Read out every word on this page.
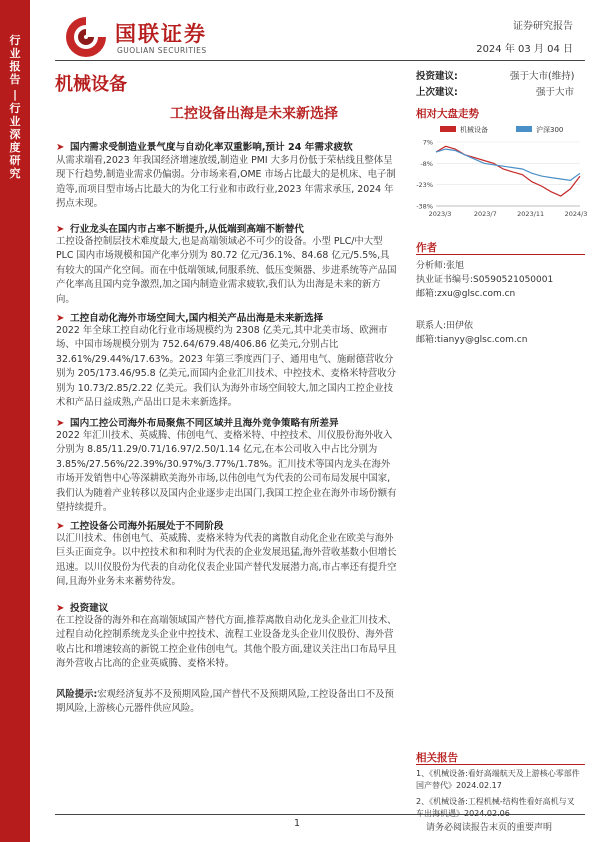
行
业
报
告
|
行
业
深
度
研
究
国联证券
GUOLIAN SECURITIES
证券研究报告
2024 年 03 月 04 日
机械设备
工控设备出海是未来新选择
投资建议:	强于大市(维持)
上次建议:	强于大市
相对大盘走势
机械设备	沪深300
7%
-8%
-23%
-38%
2023/3	2023/7	2023/11	2024/3
作者
分析师:张旭
执业证书编号:S0590521050001
邮箱:zxu@glsc.com.cn
联系人:田伊依
邮箱:tianyy@glsc.com.cn
➤ 国内需求受制造业景气度与自动化率双重影响,预计 24 年需求疲软

从需求端看,2023 年我国经济增速放缓,制造业 PMI 大多月份低于荣枯线且整体呈现下行趋势,制造业需求仍偏弱。分市场来看,OME 市场占比最大的是机床、电子制造等,而项目型市场占比最大的为化工行业和市政行业,2023 年需求承压, 2024 年拐点未现。

➤ 行业龙头在国内市占率不断提升,从低端到高端不断替代

工控设备控制层技术难度最大,也是高端领域必不可少的设备。小型 PLC/中大型 PLC 国内市场规模和国产化率分别为 80.72 亿元/36.1%、84.68 亿元/5.5%,具有较大的国产化空间。而在中低端领域,伺服系统、低压变频器、步进系统等产品国产化率高且国内竞争激烈,加之国内制造业需求疲软,我们认为出海是未来的新方向。

➤ 工控自动化海外市场空间大,国内相关产品出海是未来新选择

2022 年全球工控自动化行业市场规模约为 2308 亿美元,其中北美市场、欧洲市场、中国市场规模分别为 752.64/679.48/406.86 亿美元,分别占比 32.61%/29.44%/17.63%。2023 年第三季度西门子、通用电气、施耐德营收分别为 205/173.46/95.8 亿美元,而国内企业汇川技术、中控技术、麦格米特营收分别为 10.73/2.85/2.22 亿美元。我们认为海外市场空间较大,加之国内工控企业技术和产品日益成熟,产品出口是未来新选择。

➤ 国内工控公司海外布局聚焦不同区域并且海外竞争策略有所差异

2022 年汇川技术、英威腾、伟创电气、麦格米特、中控技术、川仪股份海外收入分别为 8.85/11.29/0.71/16.97/2.50/1.14 亿元,在本公司收入中占比分别为 3.85%/27.56%/22.39%/30.97%/3.77%/1.78%。汇川技术等国内龙头在海外市场开发销售中心等深耕欧美海外市场,以伟创电气为代表的公司布局发展中国家,我们认为随着产业转移以及国内企业逐步走出国门,我国工控企业在海外市场份额有望持续提升。

➤ 工控设备公司海外拓展处于不同阶段

以汇川技术、伟创电气、英威腾、麦格米特为代表的离散自动化企业在欧美与海外巨头正面竞争。以中控技术和和利时为代表的企业发展迅猛,海外营收基数小但增长迅速。以川仪股份为代表的自动化仪表企业国产替代发展潜力高,市占率还有提升空间,且海外业务未来蓄势待发。

➤ 投资建议

在工控设备的海外和在高端领域国产替代方面,推荐离散自动化龙头企业汇川技术、过程自动化控制系统龙头企业中控技术、流程工业设备龙头企业川仪股份、海外营收占比和增速较高的新锐工控企业伟创电气。其他个股方面,建议关注出口布局早且海外营收占比高的企业英威腾、麦格米特。

风险提示:宏观经济复苏不及预期风险,国产替代不及预期风险,工控设备出口不及预期风险,上游核心元器件供应风险。

相关报告
1、《机械设备:看好高端航天及上游核心零部件国产替代》2024.02.17
2、《机械设备:工程机械-结构性看好高机与叉
1	请务必阅读报告末页的重要声明
